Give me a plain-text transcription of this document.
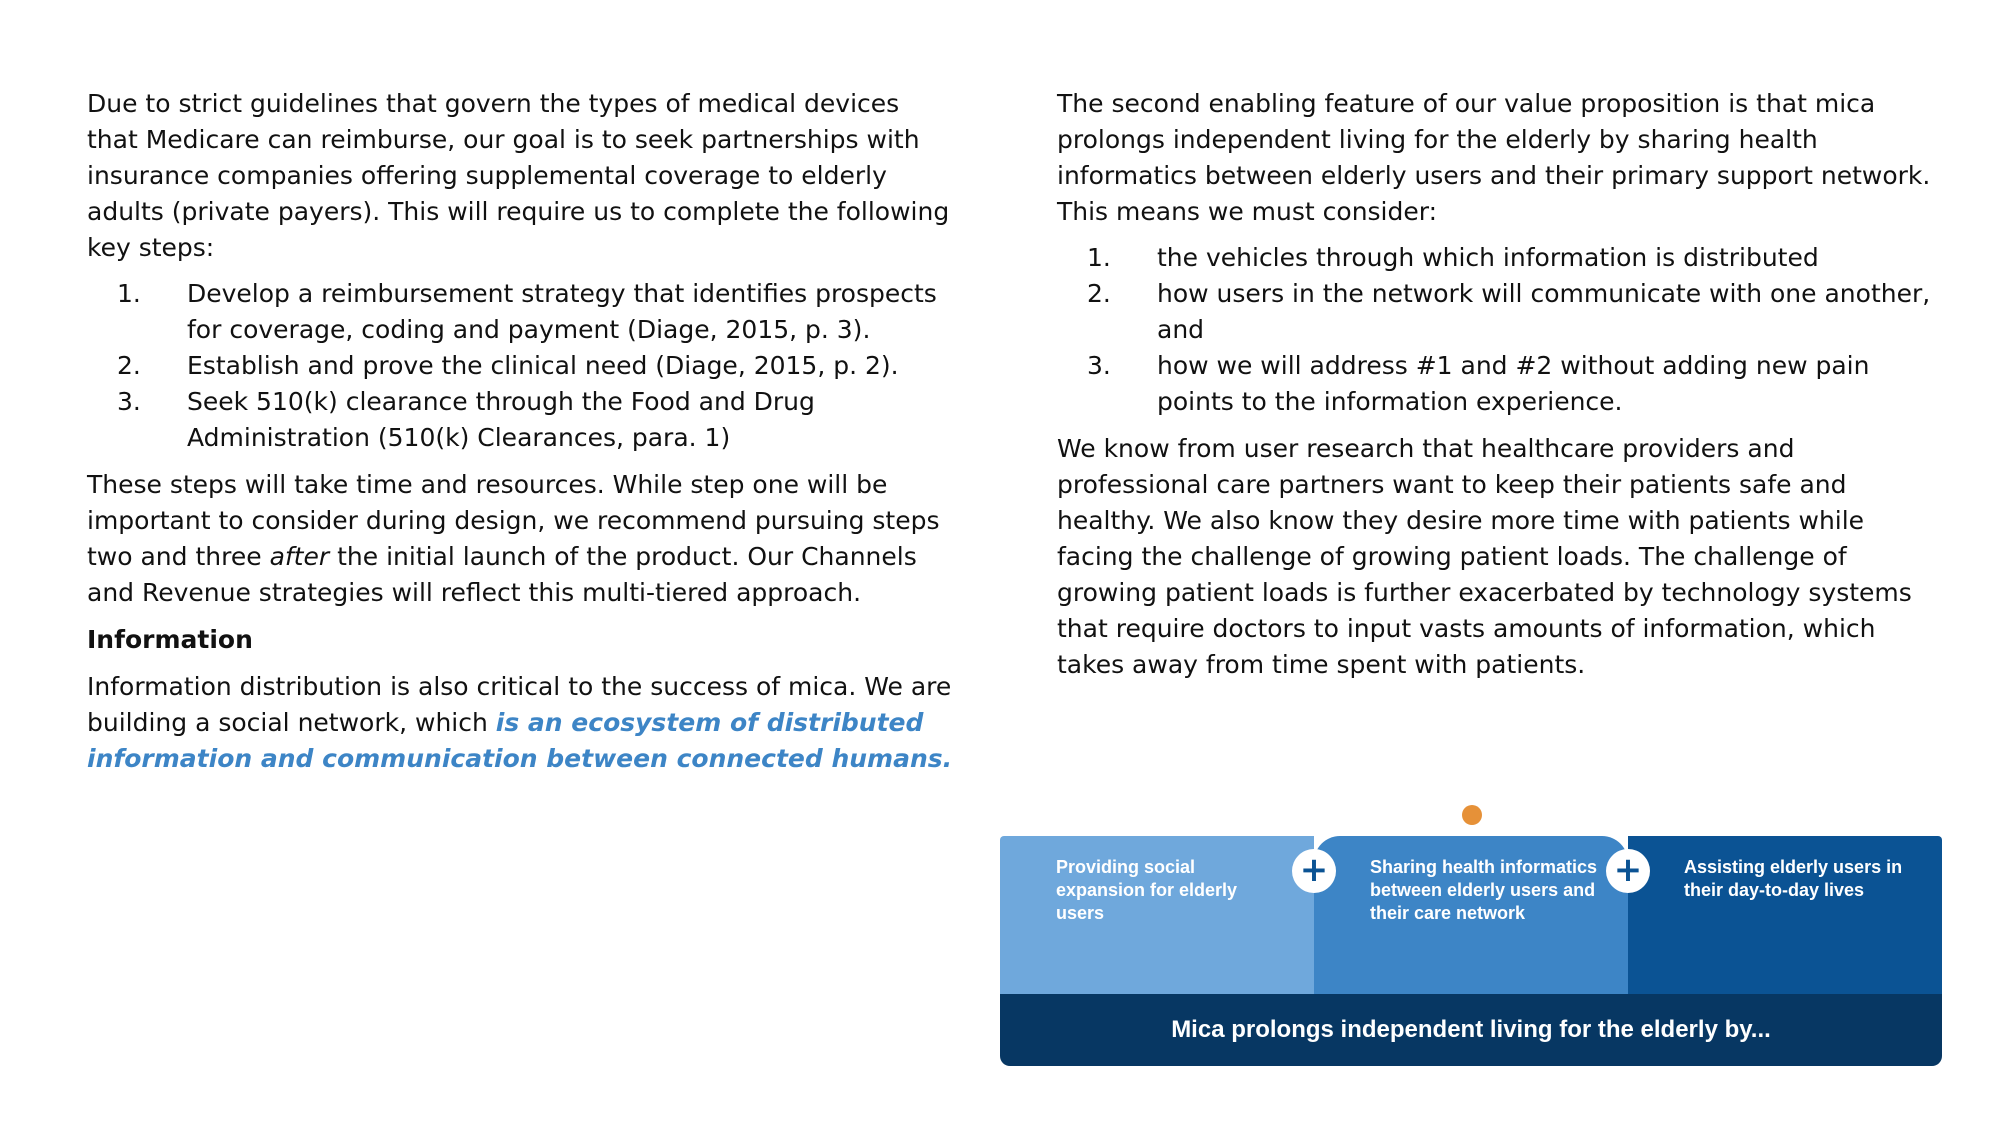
Due to strict guidelines that govern the types of medical devices that Medicare can reimburse, our goal is to seek partnerships with insurance companies offering supplemental coverage to elderly adults (private payers). This will require us to complete the following key steps:

1. Develop a reimbursement strategy that identifies prospects for coverage, coding and payment (Diage, 2015, p. 3).
2. Establish and prove the clinical need (Diage, 2015, p. 2).
3. Seek 510(k) clearance through the Food and Drug Administration (510(k) Clearances, para. 1)

These steps will take time and resources. While step one will be important to consider during design, we recommend pursuing steps two and three after the initial launch of the product. Our Channels and Revenue strategies will reflect this multi-tiered approach.

Information

Information distribution is also critical to the success of mica. We are building a social network, which is an ecosystem of distributed information and communication between connected humans.

The second enabling feature of our value proposition is that mica prolongs independent living for the elderly by sharing health informatics between elderly users and their primary support network. This means we must consider:

1. the vehicles through which information is distributed
2. how users in the network will communicate with one another, and
3. how we will address #1 and #2 without adding new pain points to the information experience.

We know from user research that healthcare providers and professional care partners want to keep their patients safe and healthy. We also know they desire more time with patients while facing the challenge of growing patient loads. The challenge of growing patient loads is further exacerbated by technology systems that require doctors to input vasts amounts of information, which takes away from time spent with patients.

Providing social expansion for elderly users
Sharing health informatics between elderly users and their care network
Assisting elderly users in their day-to-day lives
+	+
Mica prolongs independent living for the elderly by...
